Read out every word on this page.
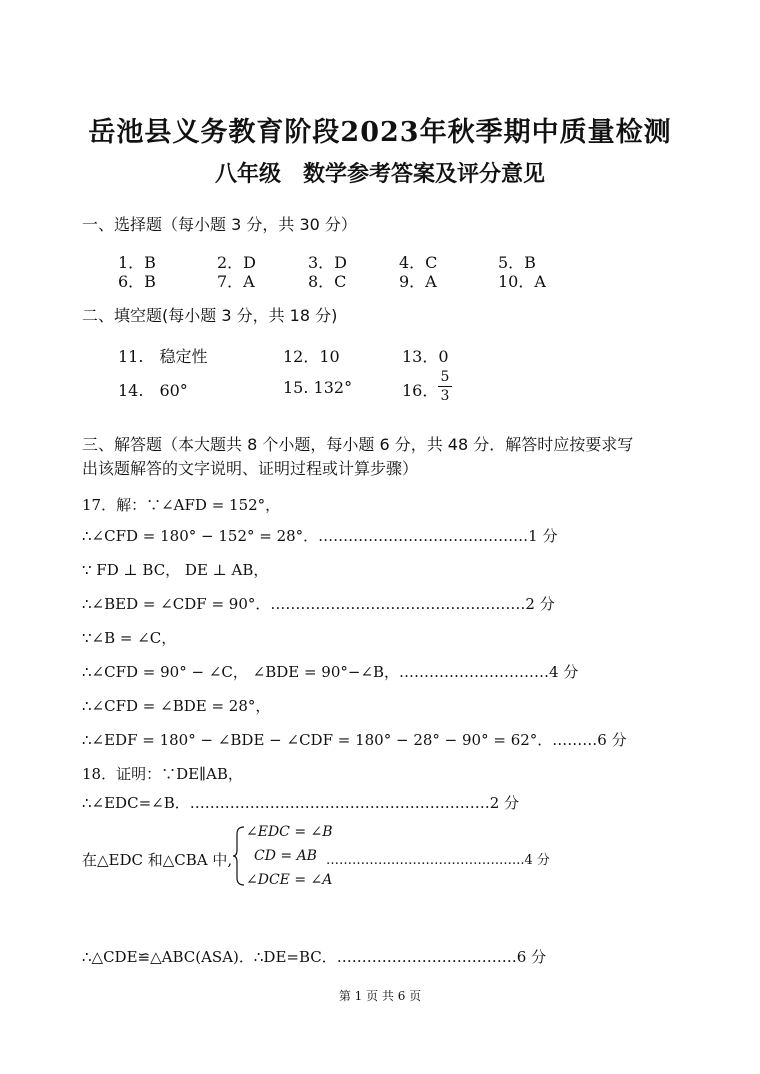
岳池县义务教育阶段2023年秋季期中质量检测
八年级　数学参考答案及评分意见
一、选择题（每小题 3 分，共 30 分）
1．B	2．D	3．D	4．C	5．B
6．B	7．A	8．C	9．A	10．A
二、填空题(每小题 3 分，共 18 分)
11.　稳定性	12．10	13．0
14.　60°	15. 132°	16． $\frac{5}{3}$
三、解答题（本大题共 8 个小题，每小题 6 分，共 48 分．解答时应按要求写
出该题解答的文字说明、证明过程或计算步骤）
17．解：∵∠AFD = 152°，
∴∠CFD = 180° − 152° = 28°．……………………………………1 分
∵ FD ⊥ BC， DE ⊥ AB，
∴∠BED = ∠CDF = 90°．……………………………………………2 分
∵∠B = ∠C，
∴∠CFD = 90° − ∠C， ∠BDE = 90°−∠B，…………………………4 分
∴∠CFD = ∠BDE = 28°，
∴∠EDF = 180° − ∠BDE − ∠CDF = 180° − 28° − 90° = 62°．………6 分
18．证明：∵DE∥AB，
∴∠EDC=∠B．……………………………………………………2 分
在△EDC 和△CBA 中,
∠EDC = ∠B
CD = AB
∠DCE = ∠A
…………….…………………….…..4 分
∴△CDE≌△ABC(ASA)．∴DE=BC．………………………………6 分
第 1 页 共 6 页
